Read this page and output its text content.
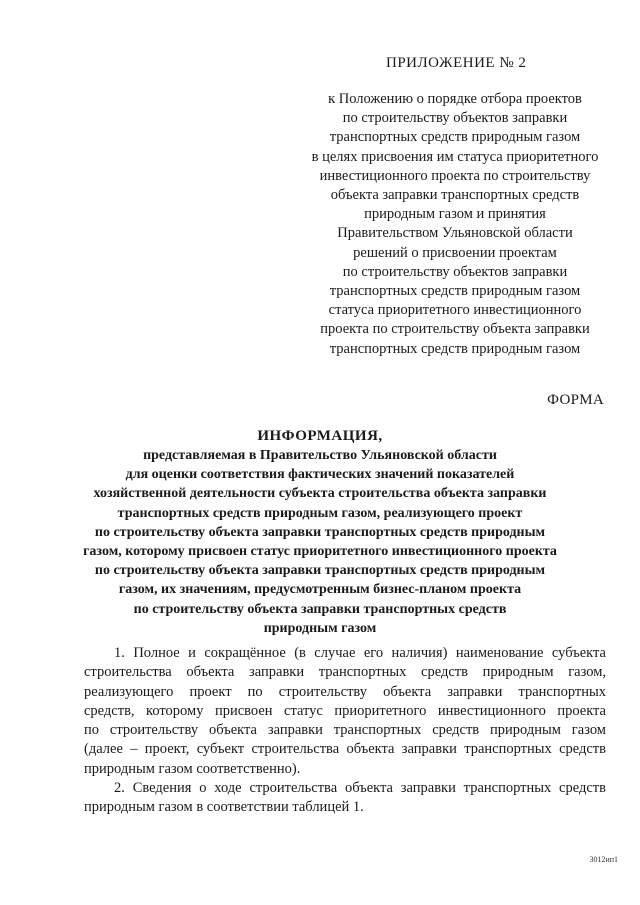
ПРИЛОЖЕНИЕ № 2
к Положению о порядке отбора проектов
по строительству объектов заправки
транспортных средств природным газом
в целях присвоения им статуса приоритетного
инвестиционного проекта по строительству
объекта заправки транспортных средств
природным газом и принятия
Правительством Ульяновской области
решений о присвоении проектам
по строительству объектов заправки
транспортных средств природным газом
статуса приоритетного инвестиционного
проекта по строительству объекта заправки
транспортных средств природным газом
ФОРМА
ИНФОРМАЦИЯ,
представляемая в Правительство Ульяновской области
для оценки соответствия фактических значений показателей
хозяйственной деятельности субъекта строительства объекта заправки
транспортных средств природным газом, реализующего проект
по строительству объекта заправки транспортных средств природным
газом, которому присвоен статус приоритетного инвестиционного проекта
по строительству объекта заправки транспортных средств природным
газом, их значениям, предусмотренным бизнес-планом проекта
по строительству объекта заправки транспортных средств
природным газом
1. Полное и сокращённое (в случае его наличия) наименование субъекта
строительства объекта заправки транспортных средств природным газом,
реализующего проект по строительству объекта заправки транспортных
средств, которому присвоен статус приоритетного инвестиционного проекта
по строительству объекта заправки транспортных средств природным газом
(далее – проект, субъект строительства объекта заправки транспортных средств
природным газом соответственно).
2. Сведения о ходе строительства объекта заправки транспортных средств
природным газом в соответствии таблицей 1.
3012ип1
